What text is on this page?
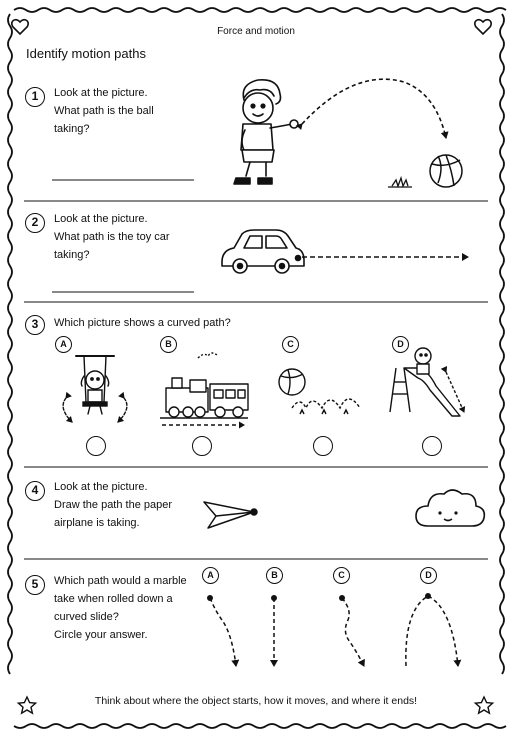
Force and motion
Identify motion paths
1	Look at the picture.
What path is the ball
taking?
2	Look at the picture.
What path is the toy car
taking?
3	Which picture shows a curved path?
A	B	C	D
4	Look at the picture.
Draw the path the paper
airplane is taking.
5	Which path would a marble
take when rolled down a
curved slide?
Circle your answer.
A	B	C	D
Think about where the object starts, how it moves, and where it ends!
